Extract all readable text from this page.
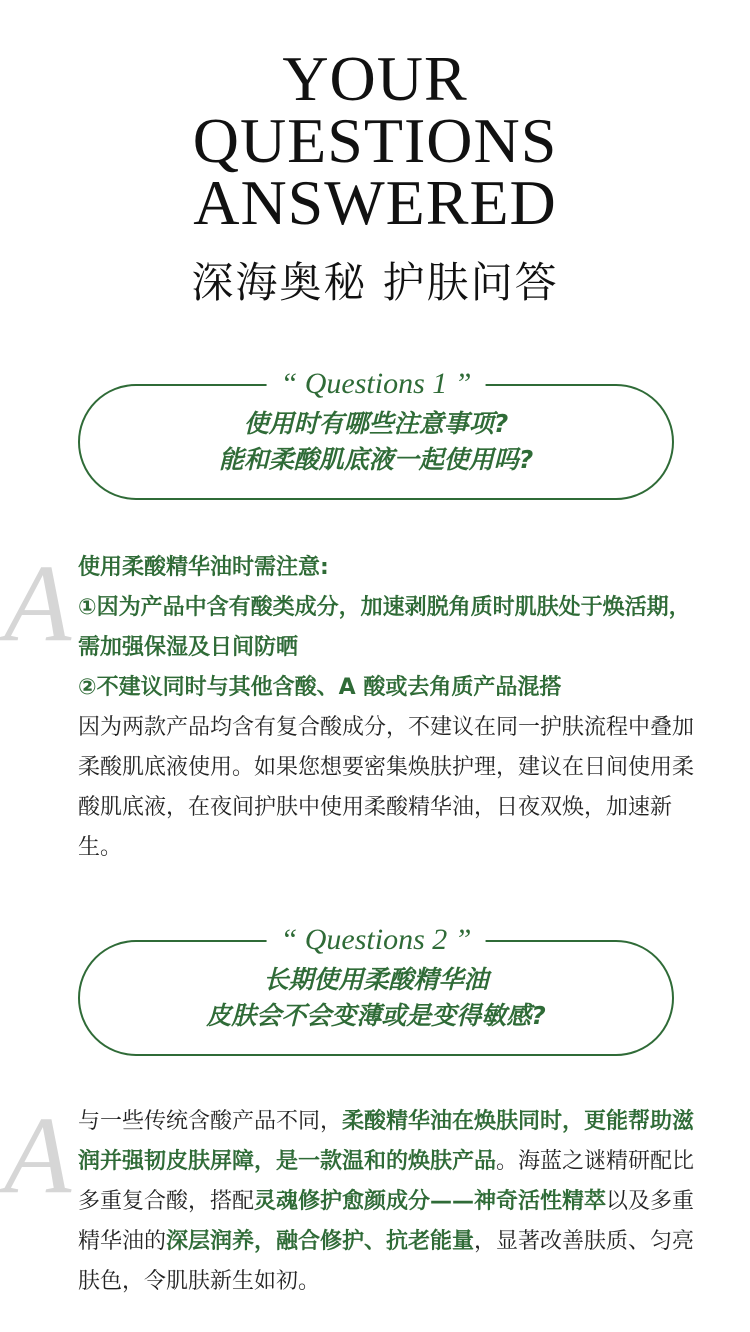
YOUR
QUESTIONS
ANSWERED
深海奥秘 护肤问答
“ Questions 1 ”
使用时有哪些注意事项?
能和柔酸肌底液一起使用吗?
A 使用柔酸精华油时需注意:

①因为产品中含有酸类成分，加速剥脱角质时肌肤处于焕活期，需加强保湿及日间防晒

②不建议同时与其他含酸、A 酸或去角质产品混搭

因为两款产品均含有复合酸成分，不建议在同一护肤流程中叠加柔酸肌底液使用。如果您想要密集焕肤护理，建议在日间使用柔酸肌底液，在夜间护肤中使用柔酸精华油，日夜双焕，加速新生。

“ Questions 2 ”
长期使用柔酸精华油
皮肤会不会变薄或是变得敏感?
A 与一些传统含酸产品不同，柔酸精华油在焕肤同时，更能帮助滋润并强韧皮肤屏障，是一款温和的焕肤产品。海蓝之谜精研配比多重复合酸，搭配灵魂修护愈颜成分——神奇活性精萃以及多重精华油的深层润养，融合修护、抗老能量，显著改善肤质、匀亮肤色，令肌肤新生如初。
